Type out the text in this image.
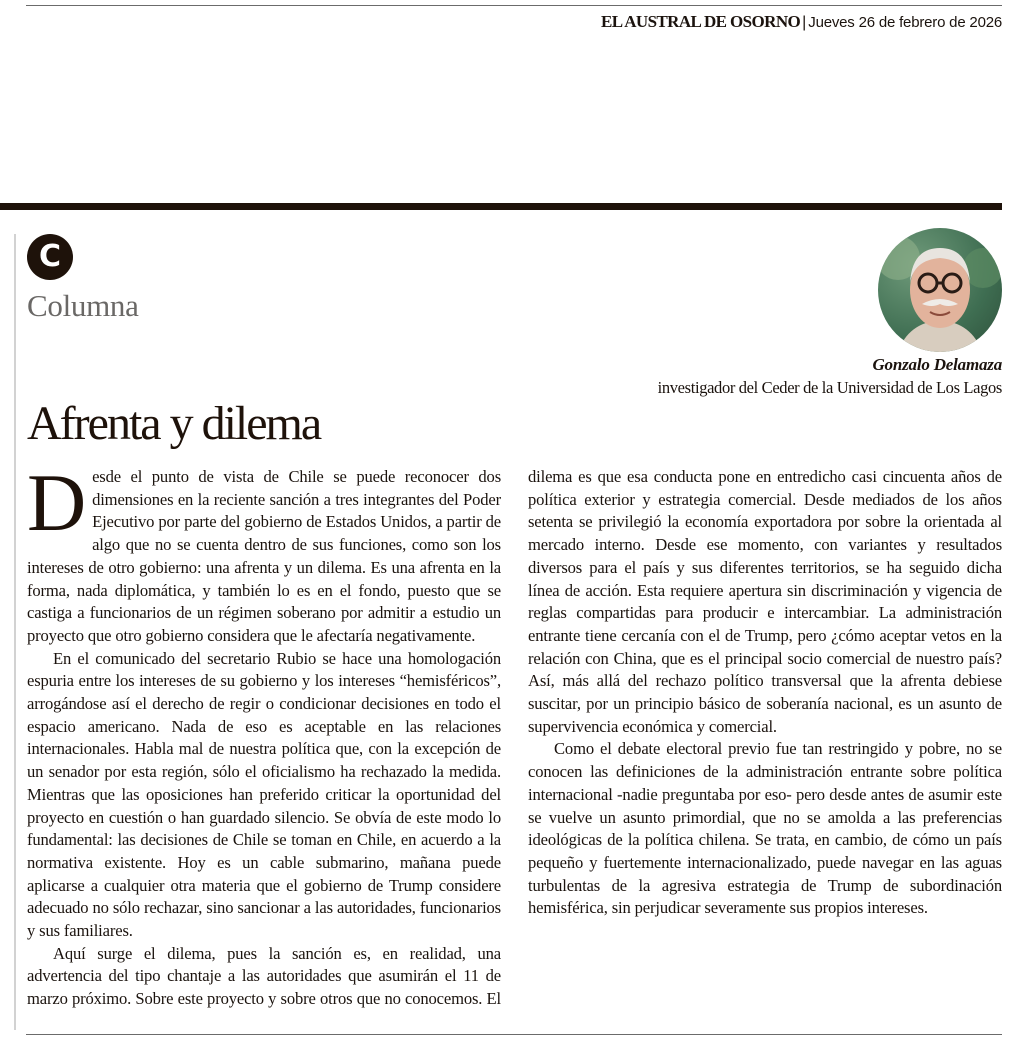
EL AUSTRAL DE OSORNO | Jueves 26 de febrero de 2026
C
Columna
Gonzalo Delamaza
investigador del Ceder de la Universidad de Los Lagos
Afrenta y dilema

Desde el punto de vista de Chile se puede reconocer dos dimensiones en la reciente sanción a tres integrantes del Poder Ejecutivo por parte del gobierno de Estados Unidos, a partir de algo que no se cuenta dentro de sus funciones, como son los intereses de otro gobierno: una afrenta y un dilema. Es una afrenta en la forma, nada diplomática, y también lo es en el fondo, puesto que se castiga a funcionarios de un régimen soberano por admitir a estudio un proyecto que otro gobierno considera que le afectaría negativamente.

En el comunicado del secretario Rubio se hace una homologación espuria entre los intereses de su gobierno y los intereses “hemisféricos”, arrogándose así el derecho de regir o condicionar decisiones en todo el espacio americano. Nada de eso es aceptable en las relaciones internacionales. Habla mal de nuestra política que, con la excepción de un senador por esta región, sólo el oficialismo ha rechazado la medida. Mientras que las oposiciones han preferido criticar la oportunidad del proyecto en cuestión o han guardado silencio. Se obvía de este modo lo fundamental: las decisiones de Chile se toman en Chile, en acuerdo a la normativa existente. Hoy es un cable submarino, mañana puede aplicarse a cualquier otra materia que el gobierno de Trump considere adecuado no sólo rechazar, sino sancionar a las autoridades, funcionarios y sus familiares.

Aquí surge el dilema, pues la sanción es, en realidad, una advertencia del tipo chantaje a las autoridades que asumirán el 11 de marzo próximo. Sobre este proyecto y sobre otros que no conocemos. El dilema es que esa conducta pone en entredicho casi cincuenta años de política exterior y estrategia comercial. Desde mediados de los años setenta se privilegió la economía exportadora por sobre la orientada al mercado interno. Desde ese momento, con variantes y resultados diversos para el país y sus diferentes territorios, se ha seguido dicha línea de acción. Esta requiere apertura sin discriminación y vigencia de reglas compartidas para producir e intercambiar. La administración entrante tiene cercanía con el de Trump, pero ¿cómo aceptar vetos en la relación con China, que es el principal socio comercial de nuestro país? Así, más allá del rechazo político transversal que la afrenta debiese suscitar, por un principio básico de soberanía nacional, es un asunto de supervivencia económica y comercial.

Como el debate electoral previo fue tan restringido y pobre, no se conocen las definiciones de la administración entrante sobre política internacional -nadie preguntaba por eso- pero desde antes de asumir este se vuelve un asunto primordial, que no se amolda a las preferencias ideológicas de la política chilena. Se trata, en cambio, de cómo un país pequeño y fuertemente internacionalizado, puede navegar en las aguas turbulentas de la agresiva estrategia de Trump de subordinación hemisférica, sin perjudicar severamente sus propios intereses.
